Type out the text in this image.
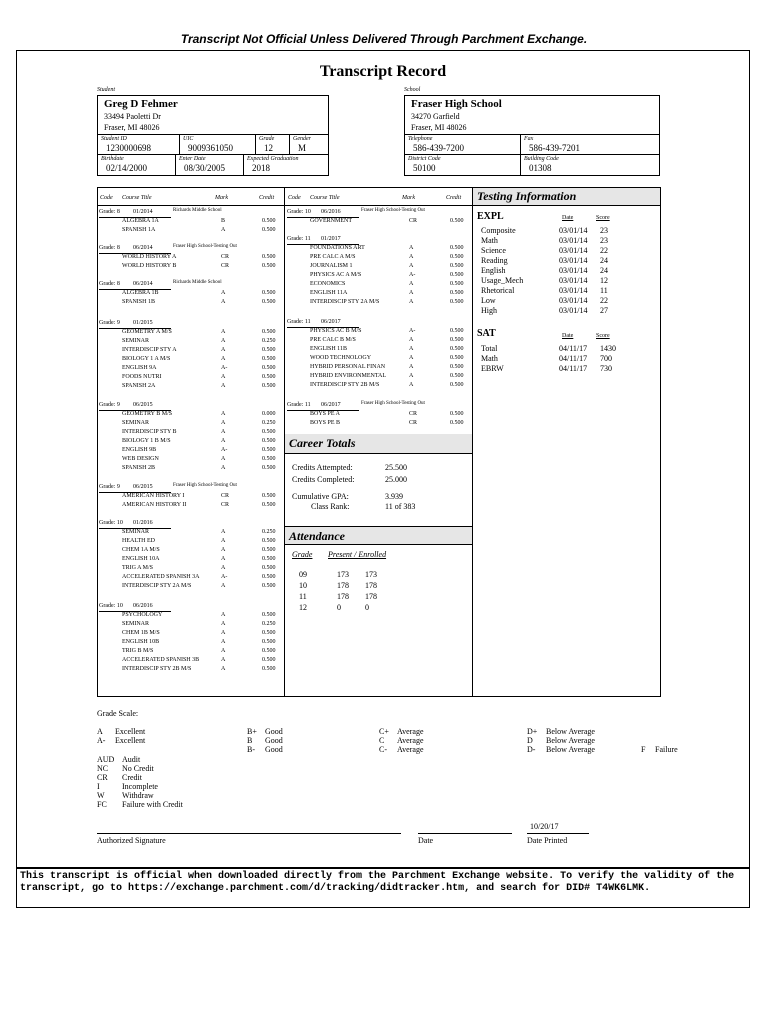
Transcript Not Official Unless Delivered Through Parchment Exchange.
Transcript Record
Student
Greg D Fehmer
33494 Paoletti Dr
Fraser, MI 48026
Student ID
1230000698
UIC
9009361050
Grade
12
Gender
M
Birthdate
02/14/2000
Enter Date
08/30/2005
Expected Graduation
2018
School
Fraser High School
34270 Garfield
Fraser, MI 48026
Telephone
586-439-7200
Fax
586-439-7201
District Code
50100
Building Code
01308
Code Course Title	Mark	Credit Code Course Title	Mark	Credit
Grade: 8 01/2014	Richards Middle School
ALGEBRA 1A	B	0.500
SPANISH 1A	A	0.500
Grade: 8 06/2014	Fraser High School-Testing Out
WORLD HISTORY A	CR	0.500
WORLD HISTORY B	CR	0.500
Grade: 8 06/2014	Richards Middle School
ALGEBRA 1B	A	0.500
SPANISH 1B	A	0.500
Grade: 9 01/2015
GEOMETRY A M/S	A	0.500
SEMINAR	A	0.250
INTERDISCIP STY A	A	0.500
BIOLOGY 1 A M/S	A	0.500
ENGLISH 9A	A-	0.500
FOODS NUTRI	A	0.500
SPANISH 2A	A	0.500
Grade: 9 06/2015
GEOMETRY B M/S	A	0.000
SEMINAR	A	0.250
INTERDISCIP STY B	A	0.500
BIOLOGY 1 B M/S	A	0.500
ENGLISH 9B	A-	0.500
WEB DESIGN	A	0.500
SPANISH 2B	A	0.500
Grade: 9 06/2015	Fraser High School-Testing Out
AMERICAN HISTORY I	CR	0.500
AMERICAN HISTORY II	CR	0.500
Grade: 10 01/2016
SEMINAR	A	0.250
HEALTH ED	A	0.500
CHEM 1A M/S	A	0.500
ENGLISH 10A	A	0.500
TRIG A M/S	A	0.500
ACCELERATED SPANISH 3A	A-	0.500
INTERDISCIP STY 2A M/S	A	0.500
Grade: 10 06/2016
PSYCHOLOGY	A	0.500
SEMINAR	A	0.250
CHEM 1B M/S	A	0.500
ENGLISH 10B	A	0.500
TRIG B M/S	A	0.500
ACCELERATED SPANISH 3B	A	0.500
INTERDISCIP STY 2B M/S	A	0.500
Grade: 10 06/2016	Fraser High School-Testing Out
GOVERNMENT	CR	0.500
Grade: 11 01/2017
FOUNDATIONS ART	A	0.500
PRE CALC A M/S	A	0.500
JOURNALISM 1	A	0.500
PHYSICS AC A M/S	A-	0.500
ECONOMICS	A	0.500
ENGLISH 11A	A	0.500
INTERDISCIP STY 2A M/S	A	0.500
Grade: 11 06/2017
PHYSICS AC B M/S	A-	0.500
PRE CALC B M/S	A	0.500
ENGLISH 11B	A	0.500
WOOD TECHNOLOGY	A	0.500
HYBRID PERSONAL FINAN	A	0.500
HYBRID ENVIRONMENTAL	A	0.500
INTERDISCIP STY 2B M/S	A	0.500
Grade: 11 06/2017	Fraser High School-Testing Out
BOYS PE A	CR	0.500
BOYS PE B	CR	0.500
Career Totals
Credits Attempted:	25.500
Credits Completed:	25.000
Cumulative GPA:	3.939
Class Rank:	11 of 383
Attendance
Grade Present / Enrolled
09	173 173
10	178 178
11	178 178
12	0	0
Testing Information
EXPL	Date	Score
Composite	03/01/14 23
Math	03/01/14 23
Science	03/01/14 22
Reading	03/01/14 24
English	03/01/14 24
Usage_Mech	03/01/14 12
Rhetorical	03/01/14 11
Low	03/01/14 22
High	03/01/14 27
SAT	Date	Score
Total	04/11/17 1430
Math	04/11/17 700
EBRW	04/11/17 730
Grade Scale:
A Excellent
A- Excellent
B+ Good
B Good
B- Good
C+ Average
C Average
C- Average
D+ Below Average
D Below Average
D- Below Average	F Failure
AUD Audit
NC No Credit
CR Credit
I	Incomplete
W Withdraw
FC Failure with Credit
Authorized Signature	Date
10/20/17
Date Printed
This transcript is official when downloaded directly from the Parchment Exchange website. To verify the validity of the transcript, go to https://exchange.parchment.com/d/tracking/didtracker.htm, and search for DID# T4WK6LMK.
